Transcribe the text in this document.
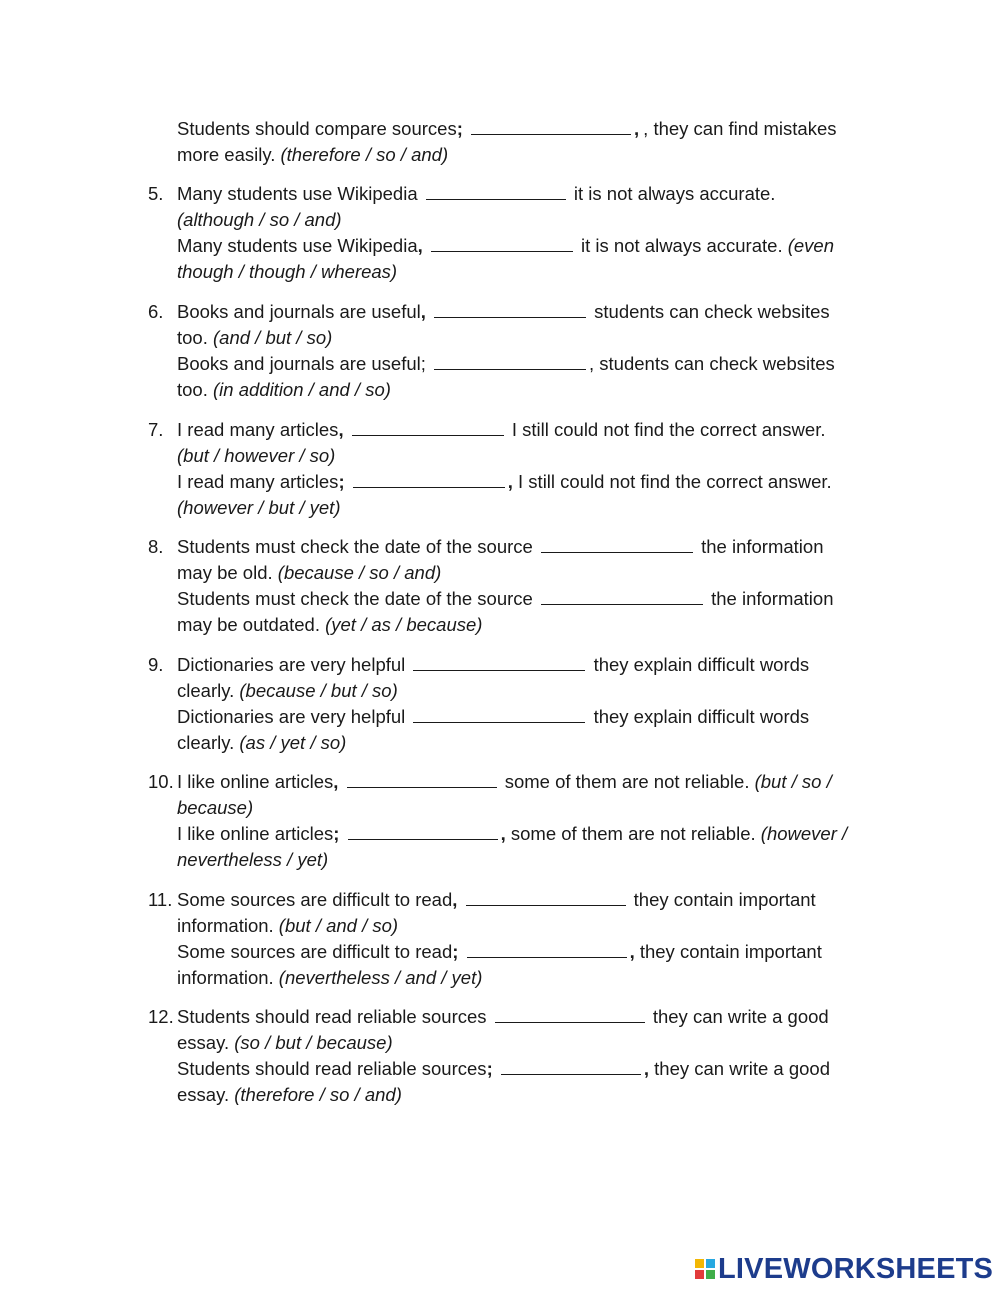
Students should compare sources;	, , they can find mistakes
more easily. (therefore / so / and)
5. Many students use Wikipedia	it is not always accurate.
(although / so / and)
Many students use Wikipedia,	it is not always accurate. (even
though / though / whereas)
6. Books and journals are useful,	students can check websites
too. (and / but / so)
Books and journals are useful;	, students can check websites
too. (in addition / and / so)
7. I read many articles,	I still could not find the correct answer.
(but / however / so)
I read many articles;	, I still could not find the correct answer.
(however / but / yet)
8. Students must check the date of the source	the information
may be old. (because / so / and)
Students must check the date of the source	the information
may be outdated. (yet / as / because)
9. Dictionaries are very helpful	they explain difficult words
clearly. (because / but / so)
Dictionaries are very helpful	they explain difficult words
clearly. (as / yet / so)
10. I like online articles,	some of them are not reliable. (but / so /
because)
I like online articles;	, some of them are not reliable. (however /
nevertheless / yet)
11. Some sources are difficult to read,	they contain important
information. (but / and / so)
Some sources are difficult to read;	, they contain important
information. (nevertheless / and / yet)
12. Students should read reliable sources	they can write a good
essay. (so / but / because)
Students should read reliable sources;	, they can write a good
essay. (therefore / so / and)
LIVEWORKSHEETS
